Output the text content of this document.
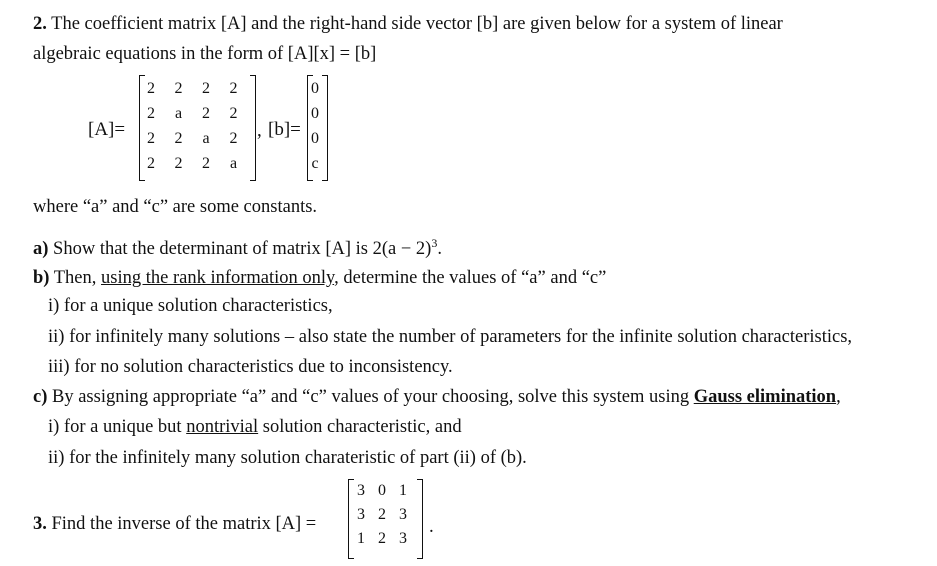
2. The coefficient matrix [A] and the right-hand side vector [b] are given below for a system of linear
algebraic equations in the form of [A][x] = [b]
[A]=
2 2 2 2
2 a 2 2
2 2 a 2
2 2 2 a
, [b]=
0
0
0
c
where “a” and “c” are some constants.
a) Show that the determinant of matrix [A] is $2(a - 2)^3$.
b) Then, using the rank information only, determine the values of “a” and “c”
i) for a unique solution characteristics,
ii) for infinitely many solutions – also state the number of parameters for the infinite solution characteristics,
iii) for no solution characteristics due to inconsistency.
c) By assigning appropriate “a” and “c” values of your choosing, solve this system using Gauss elimination,
i) for a unique but nontrivial solution characteristic, and
ii) for the infinitely many solution charateristic of part (ii) of (b).
3. Find the inverse of the matrix [A] =
3 0 1
3 2 3
1 2 3
.
